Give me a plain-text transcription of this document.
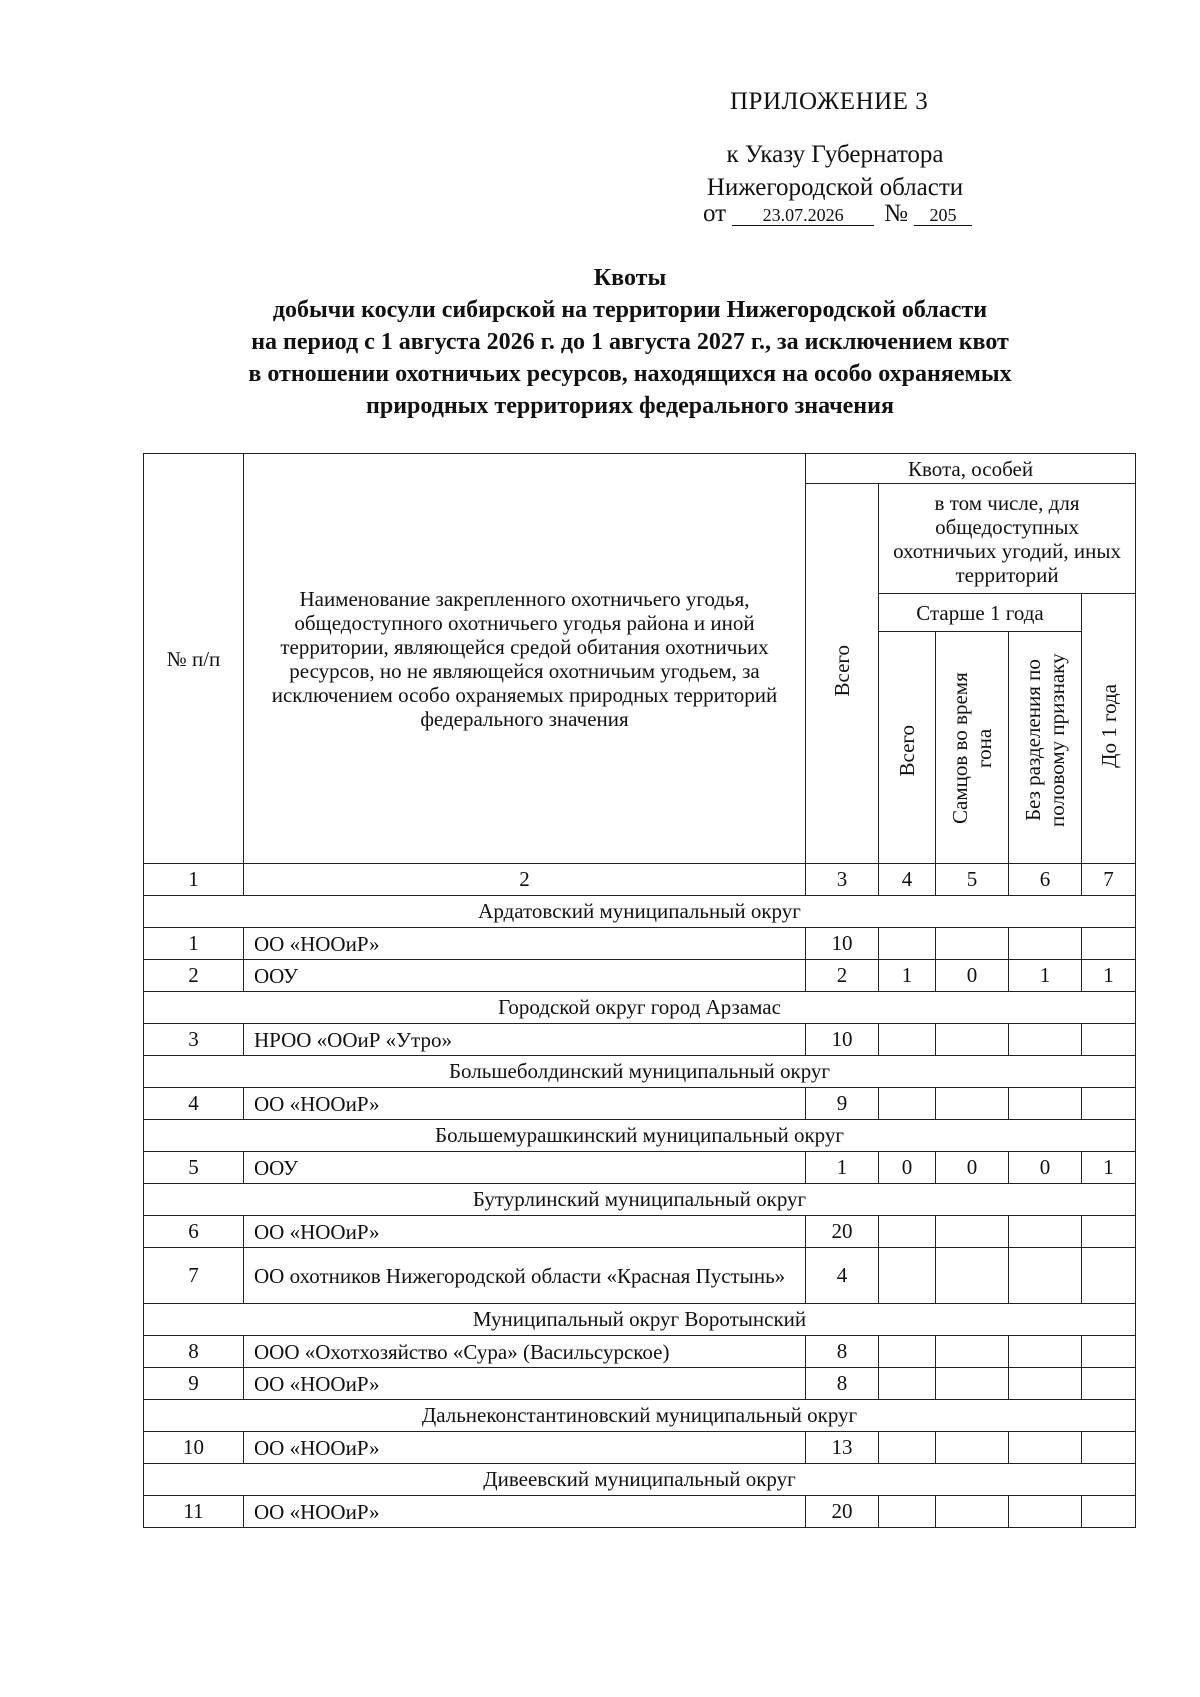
ПРИЛОЖЕНИЕ 3
к Указу Губернатора
Нижегородской области
от 23.07.2026 № 205
Квоты
добычи косули сибирской на территории Нижегородской области
на период с 1 августа 2026 г. до 1 августа 2027 г., за исключением квот
в отношении охотничьих ресурсов, находящихся на особо охраняемых
природных территориях федерального значения
№ п/п	Наименование закрепленного охотничьего угодья, общедоступного охотничьего угодья района и иной территории, являющейся средой обитания охотничьих ресурсов, но не являющейся охотничьим угодьем, за исключением особо охраняемых природных территорий федерального значения	Квота, особей				
		Всего	в том числе, для общедоступных охотничьих угодий, иных территорий			
			Старше 1 года			До 1 года
			Всего	Самцов во время гона	Без разделения по половому признаку	
1	2	3	4	5	6	7
Ардатовский муниципальный округ						
1	ОО «НООиР»	10				
2	ООУ	2	1	0	1	1
Городской округ город Арзамас						
3	НРОО «ООиР «Утро»	10				
Большеболдинский муниципальный округ						
4	ОО «НООиР»	9				
Большемурашкинский муниципальный округ						
5	ООУ	1	0	0	0	1
Бутурлинский муниципальный округ						
6	ОО «НООиР»	20				
7	ОО охотников Нижегородской области «Красная Пустынь»	4				
Муниципальный округ Воротынский						
8	ООО «Охотхозяйство «Сура» (Васильсурское)	8				
9	ОО «НООиР»	8				
Дальнеконстантиновский муниципальный округ						
10	ОО «НООиР»	13				
Дивеевский муниципальный округ						
11	ОО «НООиР»	20				
